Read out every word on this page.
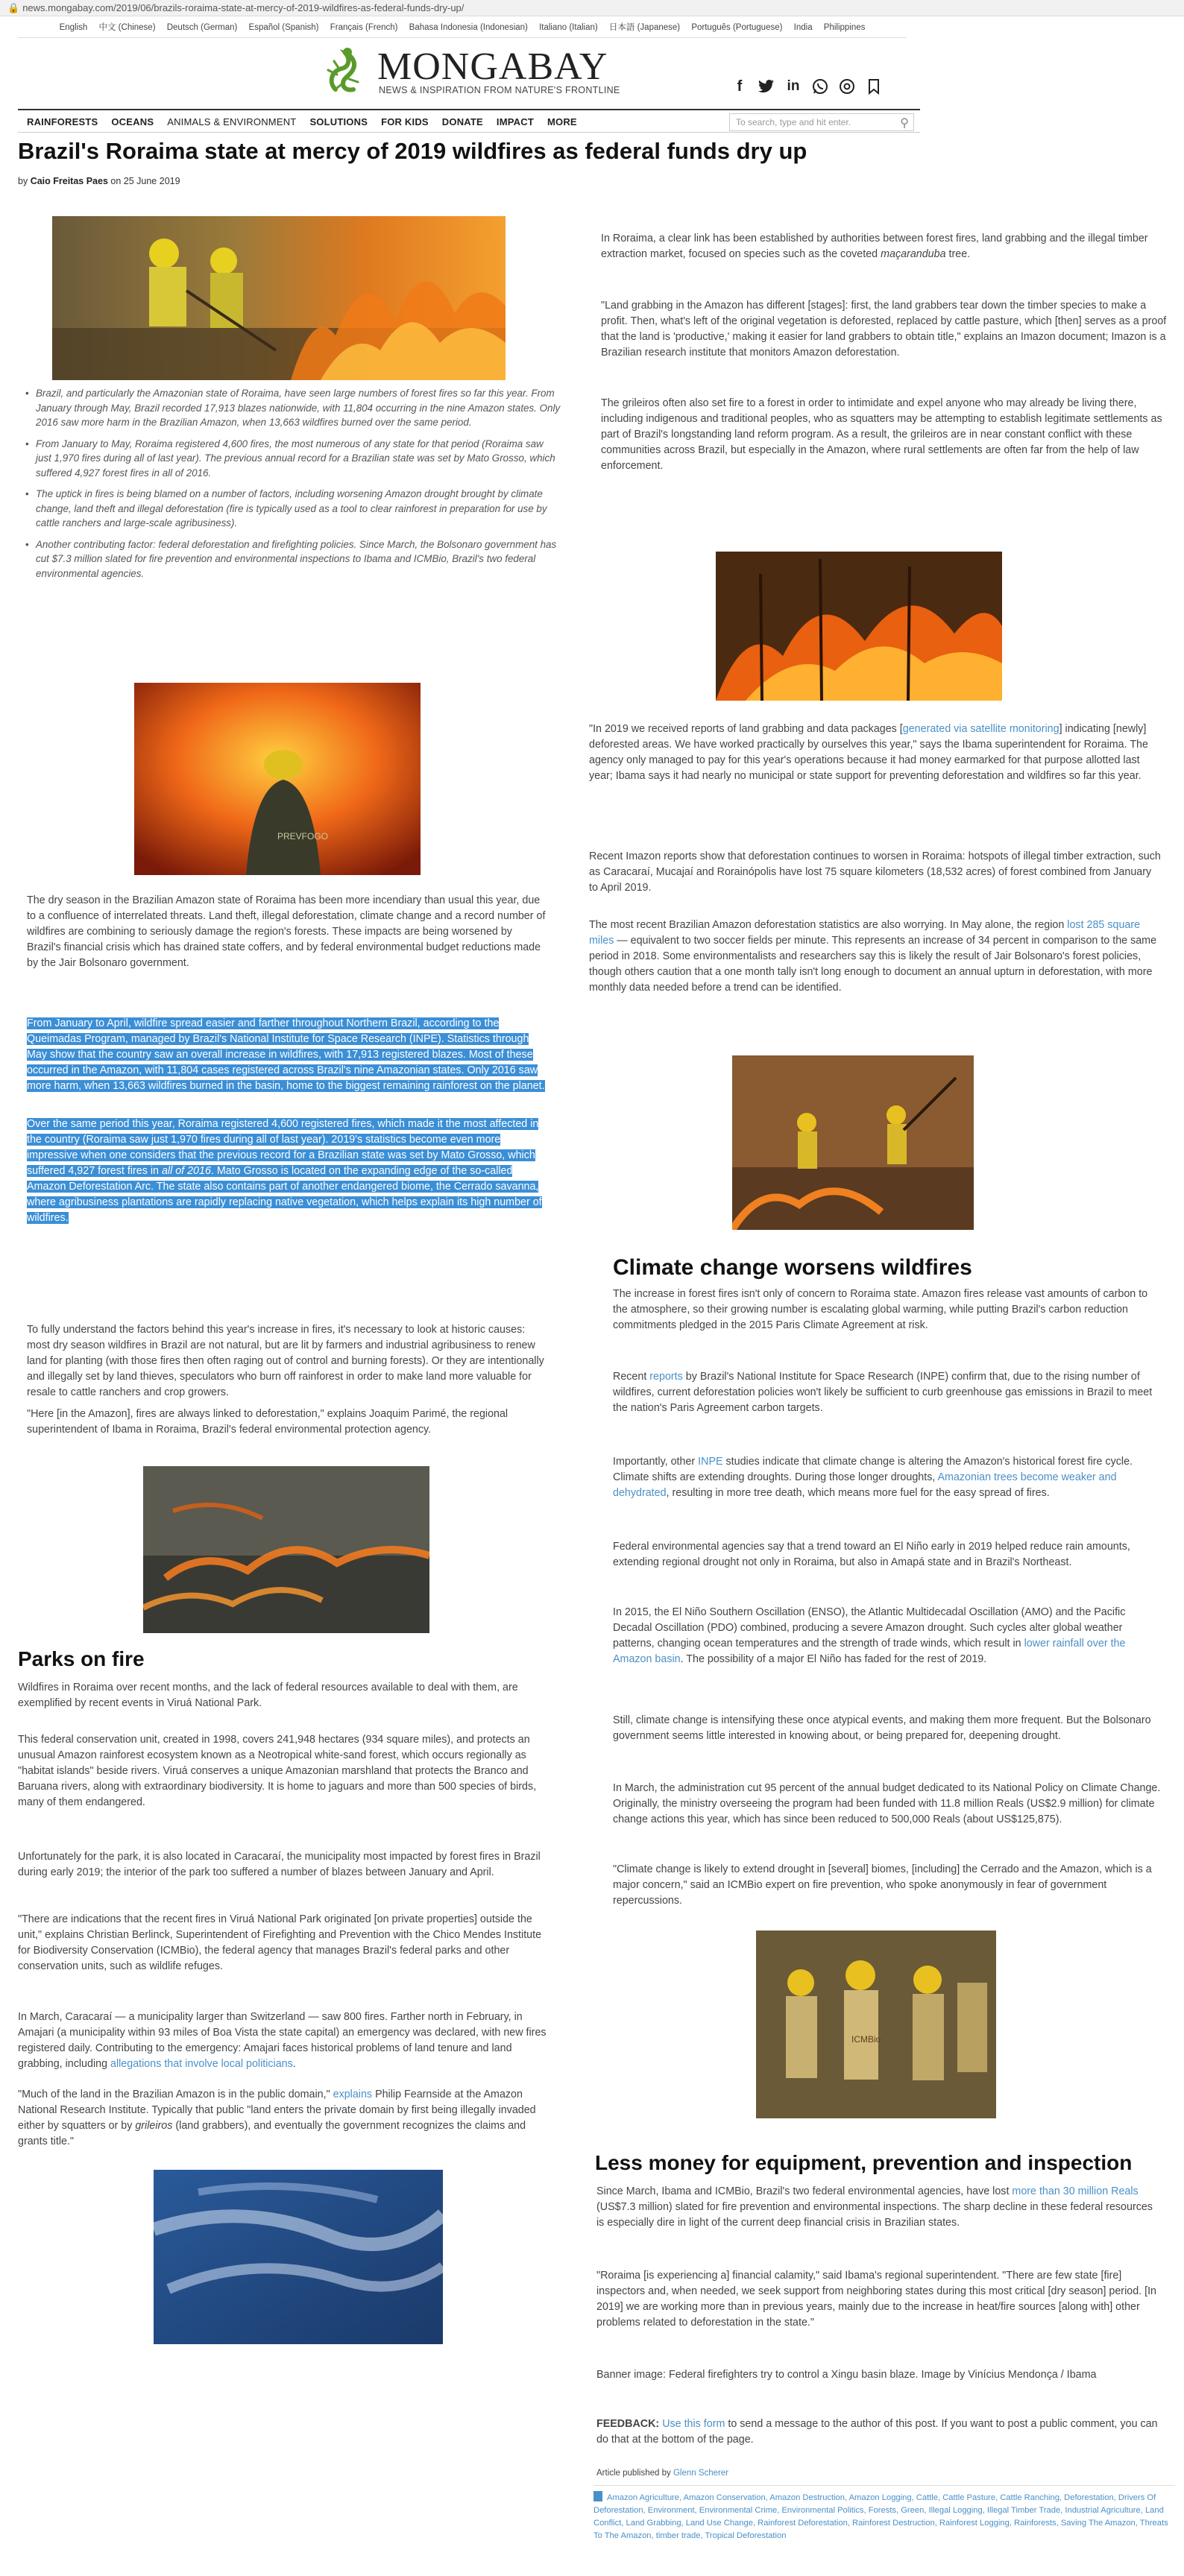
🔒 news.mongabay.com/2019/06/brazils-roraima-state-at-mercy-of-2019-wildfires-as-federal-funds-dry-up/
English 中文 (Chinese) Deutsch (German) Español (Spanish) Français (French) Bahasa Indonesia (Indonesian) Italiano (Italian) 日本語 (Japanese) Português (Portuguese) India Philippines
MONGABAY
NEWS & INSPIRATION FROM NATURE'S FRONTLINE	f	in
RAINFORESTS OCEANS ANIMALS & ENVIRONMENT SOLUTIONS FOR KIDS DONATE IMPACT MORE	To search, type and hit enter.	⚲
Brazil's Roraima state at mercy of 2019 wildfires as federal funds dry up
by Caio Freitas Paes on 25 June 2019
• Brazil, and particularly the Amazonian state of Roraima, have seen large numbers of forest fires so far this year. From January through May, Brazil recorded 17,913 blazes nationwide, with 11,804 occurring in the nine Amazon states. Only 2016 saw more harm in the Brazilian Amazon, when 13,663 wildfires burned over the same period.
• From January to May, Roraima registered 4,600 fires, the most numerous of any state for that period (Roraima saw just 1,970 fires during all of last year). The previous annual record for a Brazilian state was set by Mato Grosso, which suffered 4,927 forest fires in all of 2016.
• The uptick in fires is being blamed on a number of factors, including worsening Amazon drought brought by climate change, land theft and illegal deforestation (fire is typically used as a tool to clear rainforest in preparation for use by cattle ranchers and large-scale agribusiness).
• Another contributing factor: federal deforestation and firefighting policies. Since March, the Bolsonaro government has cut $7.3 million slated for fire prevention and environmental inspections to Ibama and ICMBio, Brazil's two federal environmental agencies.
PREVFOGO
The dry season in the Brazilian Amazon state of Roraima has been more incendiary than usual this year, due to a confluence of interrelated threats. Land theft, illegal deforestation, climate change and a record number of wildfires are combining to seriously damage the region's forests. These impacts are being worsened by Brazil's financial crisis which has drained state coffers, and by federal environmental budget reductions made by the Jair Bolsonaro government.
From January to April, wildfire spread easier and farther throughout Northern Brazil, according to the Queimadas Program, managed by Brazil's National Institute for Space Research (INPE). Statistics through May show that the country saw an overall increase in wildfires, with 17,913 registered blazes. Most of these occurred in the Amazon, with 11,804 cases registered across Brazil's nine Amazonian states. Only 2016 saw more harm, when 13,663 wildfires burned in the basin, home to the biggest remaining rainforest on the planet.
Over the same period this year, Roraima registered 4,600 registered fires, which made it the most affected in the country (Roraima saw just 1,970 fires during all of last year). 2019's statistics become even more impressive when one considers that the previous record for a Brazilian state was set by Mato Grosso, which suffered 4,927 forest fires in all of 2016. Mato Grosso is located on the expanding edge of the so-called Amazon Deforestation Arc. The state also contains part of another endangered biome, the Cerrado savanna, where agribusiness plantations are rapidly replacing native vegetation, which helps explain its high number of wildfires.
To fully understand the factors behind this year's increase in fires, it's necessary to look at historic causes: most dry season wildfires in Brazil are not natural, but are lit by farmers and industrial agribusiness to renew land for planting (with those fires then often raging out of control and burning forests). Or they are intentionally and illegally set by land thieves, speculators who burn off rainforest in order to make land more valuable for resale to cattle ranchers and crop growers.
"Here [in the Amazon], fires are always linked to deforestation," explains Joaquim Parimé, the regional superintendent of Ibama in Roraima, Brazil's federal environmental protection agency.
Parks on fire
Wildfires in Roraima over recent months, and the lack of federal resources available to deal with them, are exemplified by recent events in Viruá National Park.
This federal conservation unit, created in 1998, covers 241,948 hectares (934 square miles), and protects an unusual Amazon rainforest ecosystem known as a Neotropical white-sand forest, which occurs regionally as "habitat islands" beside rivers. Viruá conserves a unique Amazonian marshland that protects the Branco and Baruana rivers, along with extraordinary biodiversity. It is home to jaguars and more than 500 species of birds, many of them endangered.
Unfortunately for the park, it is also located in Caracaraí, the municipality most impacted by forest fires in Brazil during early 2019; the interior of the park too suffered a number of blazes between January and April.
"There are indications that the recent fires in Viruá National Park originated [on private properties] outside the unit," explains Christian Berlinck, Superintendent of Firefighting and Prevention with the Chico Mendes Institute for Biodiversity Conservation (ICMBio), the federal agency that manages Brazil's federal parks and other conservation units, such as wildlife refuges.
In March, Caracaraí — a municipality larger than Switzerland — saw 800 fires. Farther north in February, in Amajari (a municipality within 93 miles of Boa Vista the state capital) an emergency was declared, with new fires registered daily. Contributing to the emergency: Amajari faces historical problems of land tenure and land grabbing, including allegations that involve local politicians.
"Much of the land in the Brazilian Amazon is in the public domain," explains Philip Fearnside at the Amazon National Research Institute. Typically that public "land enters the private domain by first being illegally invaded either by squatters or by grileiros (land grabbers), and eventually the government recognizes the claims and grants title."
In Roraima, a clear link has been established by authorities between forest fires, land grabbing and the illegal timber extraction market, focused on species such as the coveted maçaranduba tree.
"Land grabbing in the Amazon has different [stages]: first, the land grabbers tear down the timber species to make a profit. Then, what's left of the original vegetation is deforested, replaced by cattle pasture, which [then] serves as a proof that the land is 'productive,' making it easier for land grabbers to obtain title," explains an Imazon document; Imazon is a Brazilian research institute that monitors Amazon deforestation.
The grileiros often also set fire to a forest in order to intimidate and expel anyone who may already be living there, including indigenous and traditional peoples, who as squatters may be attempting to establish legitimate settlements as part of Brazil's longstanding land reform program. As a result, the grileiros are in near constant conflict with these communities across Brazil, but especially in the Amazon, where rural settlements are often far from the help of law enforcement.
"In 2019 we received reports of land grabbing and data packages [generated via satellite monitoring] indicating [newly] deforested areas. We have worked practically by ourselves this year," says the Ibama superintendent for Roraima. The agency only managed to pay for this year's operations because it had money earmarked for that purpose allotted last year; Ibama says it had nearly no municipal or state support for preventing deforestation and wildfires so far this year.
Recent Imazon reports show that deforestation continues to worsen in Roraima: hotspots of illegal timber extraction, such as Caracaraí, Mucajaí and Rorainópolis have lost 75 square kilometers (18,532 acres) of forest combined from January to April 2019.
The most recent Brazilian Amazon deforestation statistics are also worrying. In May alone, the region lost 285 square miles — equivalent to two soccer fields per minute. This represents an increase of 34 percent in comparison to the same period in 2018. Some environmentalists and researchers say this is likely the result of Jair Bolsonaro's forest policies, though others caution that a one month tally isn't long enough to document an annual upturn in deforestation, with more monthly data needed before a trend can be identified.
Climate change worsens wildfires
The increase in forest fires isn't only of concern to Roraima state. Amazon fires release vast amounts of carbon to the atmosphere, so their growing number is escalating global warming, while putting Brazil's carbon reduction commitments pledged in the 2015 Paris Climate Agreement at risk.
Recent reports by Brazil's National Institute for Space Research (INPE) confirm that, due to the rising number of wildfires, current deforestation policies won't likely be sufficient to curb greenhouse gas emissions in Brazil to meet the nation's Paris Agreement carbon targets.
Importantly, other INPE studies indicate that climate change is altering the Amazon's historical forest fire cycle. Climate shifts are extending droughts. During those longer droughts, Amazonian trees become weaker and dehydrated, resulting in more tree death, which means more fuel for the easy spread of fires.
Federal environmental agencies say that a trend toward an El Niño early in 2019 helped reduce rain amounts, extending regional drought not only in Roraima, but also in Amapá state and in Brazil's Northeast.
In 2015, the El Niño Southern Oscillation (ENSO), the Atlantic Multidecadal Oscillation (AMO) and the Pacific Decadal Oscillation (PDO) combined, producing a severe Amazon drought. Such cycles alter global weather patterns, changing ocean temperatures and the strength of trade winds, which result in lower rainfall over the Amazon basin. The possibility of a major El Niño has faded for the rest of 2019.
Still, climate change is intensifying these once atypical events, and making them more frequent. But the Bolsonaro government seems little interested in knowing about, or being prepared for, deepening drought.
In March, the administration cut 95 percent of the annual budget dedicated to its National Policy on Climate Change. Originally, the ministry overseeing the program had been funded with 11.8 million Reals (US$2.9 million) for climate change actions this year, which has since been reduced to 500,000 Reals (about US$125,875).
"Climate change is likely to extend drought in [several] biomes, [including] the Cerrado and the Amazon, which is a major concern," said an ICMBio expert on fire prevention, who spoke anonymously in fear of government repercussions.
ICMBio
Less money for equipment, prevention and inspection
Since March, Ibama and ICMBio, Brazil's two federal environmental agencies, have lost more than 30 million Reals (US$7.3 million) slated for fire prevention and environmental inspections. The sharp decline in these federal resources is especially dire in light of the current deep financial crisis in Brazilian states.
"Roraima [is experiencing a] financial calamity," said Ibama's regional superintendent. "There are few state [fire] inspectors and, when needed, we seek support from neighboring states during this most critical [dry season] period. [In 2019] we are working more than in previous years, mainly due to the increase in heat/fire sources [along with] other problems related to deforestation in the state."
Banner image: Federal firefighters try to control a Xingu basin blaze. Image by Vinícius Mendonça / Ibama
FEEDBACK: Use this form to send a message to the author of this post. If you want to post a public comment, you can do that at the bottom of the page.
Article published by Glenn Scherer
Amazon Agriculture, Amazon Conservation, Amazon Destruction, Amazon Logging, Cattle, Cattle Pasture, Cattle Ranching, Deforestation, Drivers Of Deforestation, Environment, Environmental Crime, Environmental Politics, Forests, Green, Illegal Logging, Illegal Timber Trade, Industrial Agriculture, Land Conflict, Land Grabbing, Land Use Change, Rainforest Deforestation, Rainforest Destruction, Rainforest Logging, Rainforests, Saving The Amazon, Threats To The Amazon, timber trade, Tropical Deforestation
